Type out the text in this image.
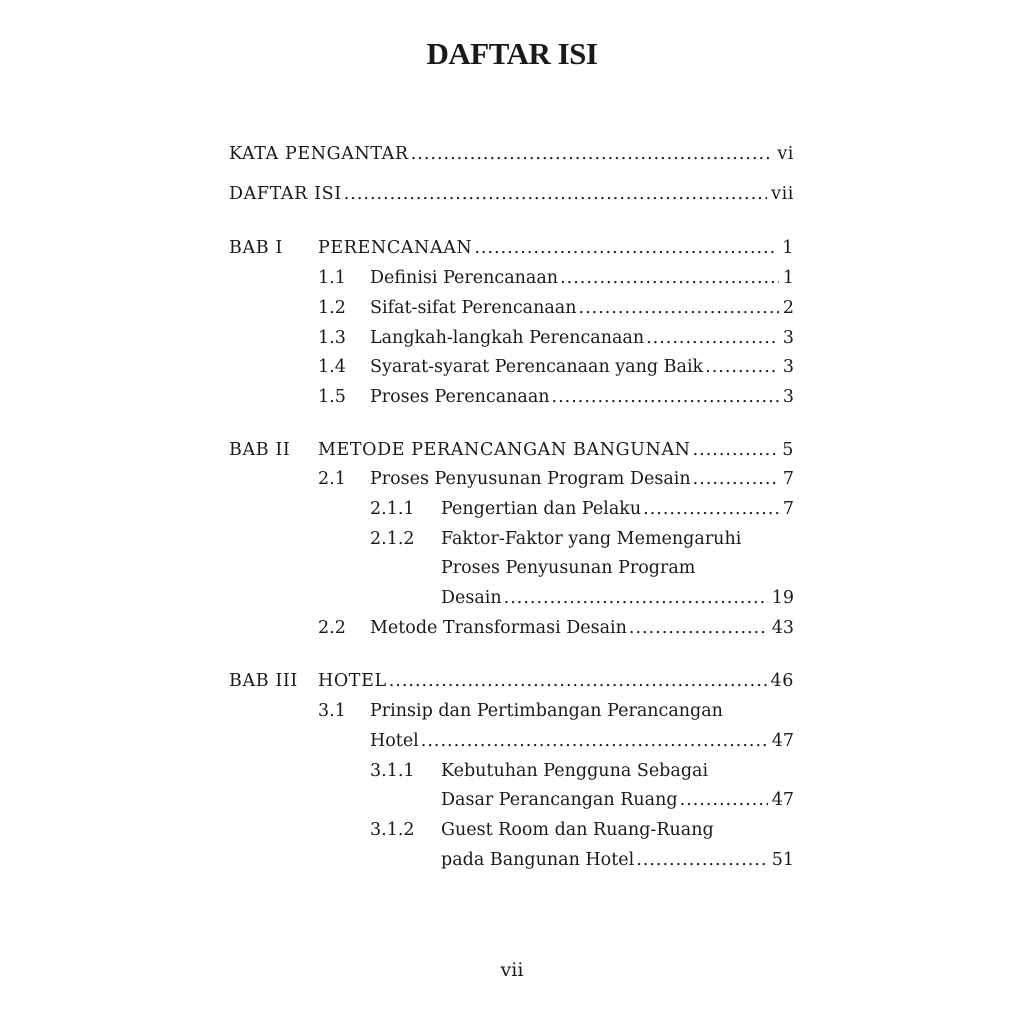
DAFTAR ISI
KATA PENGANTAR .....	vi
DAFTAR ISI .....	vii
BAB I PERENCANAAN .....	1
1.1 Definisi Perencanaan .....	1
1.2 Sifat-sifat Perencanaan .....	2
1.3 Langkah-langkah Perencanaan .....	3
1.4 Syarat-syarat Perencanaan yang Baik .....	3
1.5 Proses Perencanaan .....	3
BAB II METODE PERANCANGAN BANGUNAN .....	5
2.1 Proses Penyusunan Program Desain .....	7
2.1.1 Pengertian dan Pelaku .....	7
2.1.2 Faktor-Faktor yang Memengaruhi
Proses Penyusunan Program
Desain .....	19
2.2 Metode Transformasi Desain .....	43
BAB III HOTEL .....	46
3.1 Prinsip dan Pertimbangan Perancangan
Hotel .....	47
3.1.1 Kebutuhan Pengguna Sebagai
Dasar Perancangan Ruang .....	47
3.1.2 Guest Room dan Ruang-Ruang
pada Bangunan Hotel .....	51
vii
